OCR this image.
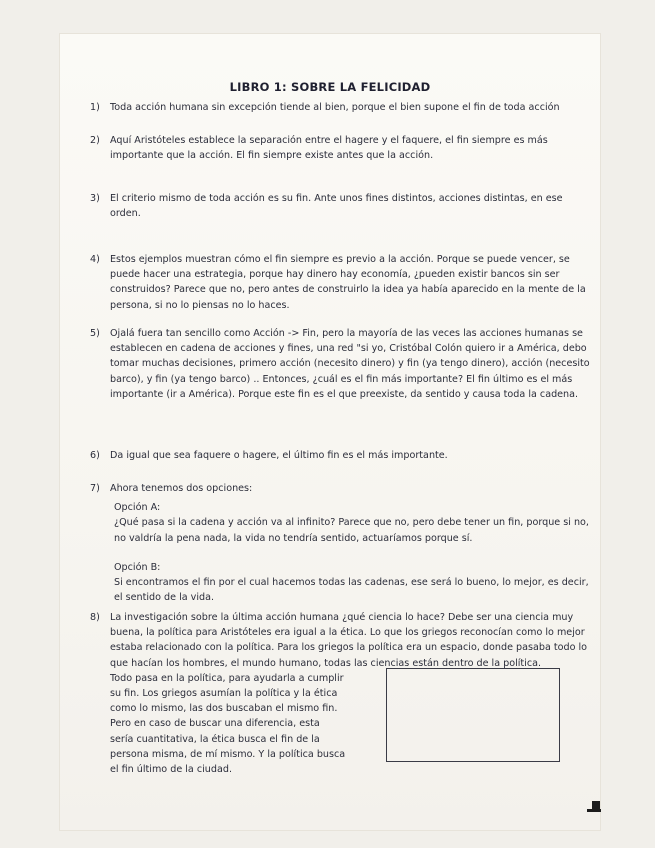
LIBRO 1: SOBRE LA FELICIDAD
1)	Toda acción humana sin excepción tiende al bien, porque el bien supone el fin de toda acción

2)	Aquí Aristóteles establece la separación entre el hagere y el faquere, el fin siempre es más importante que la acción. El fin siempre existe antes que la acción.

3)	El criterio mismo de toda acción es su fin. Ante unos fines distintos, acciones distintas, en ese orden.

4)	Estos ejemplos muestran cómo el fin siempre es previo a la acción. Porque se puede vencer, se puede hacer una estrategia, porque hay dinero hay economía, ¿pueden existir bancos sin ser construidos? Parece que no, pero antes de construirlo la idea ya había aparecido en la mente de la persona, si no lo piensas no lo haces.

5)	Ojalá fuera tan sencillo como Acción -> Fin, pero la mayoría de las veces las acciones humanas se establecen en cadena de acciones y fines, una red "si yo, Cristóbal Colón quiero ir a América, debo tomar muchas decisiones, primero acción (necesito dinero) y fin (ya tengo dinero), acción (necesito barco), y fin (ya tengo barco) .. Entonces, ¿cuál es el fin más importante? El fin último es el más importante (ir a América). Porque este fin es el que preexiste, da sentido y causa toda la cadena.

6)	Da igual que sea faquere o hagere, el último fin es el más importante.

7)	Ahora tenemos dos opciones:

Opción A:
¿Qué pasa si la cadena y acción va al infinito? Parece que no, pero debe tener un fin, porque si no, no valdría la pena nada, la vida no tendría sentido, actuaríamos porque sí.
Opción B:
Si encontramos el fin por el cual hacemos todas las cadenas, ese será lo bueno, lo mejor, es decir, el sentido de la vida.
8)	La investigación sobre la última acción humana ¿qué ciencia lo hace? Debe ser una ciencia muy buena, la política para Aristóteles era igual a la ética. Lo que los griegos reconocían como lo mejor estaba relacionado con la política. Para los griegos la política era un espacio, donde pasaba todo lo que hacían los hombres, el mundo humano, todas las ciencias están dentro de la política.

Todo pasa en la política, para ayudarla a cumplir su fin. Los griegos asumían la política y la ética como lo mismo, las dos buscaban el mismo fin. Pero en caso de buscar una diferencia, esta sería cuantitativa, la ética busca el fin de la persona misma, de mí mismo. Y la política busca el fin último de la ciudad.
